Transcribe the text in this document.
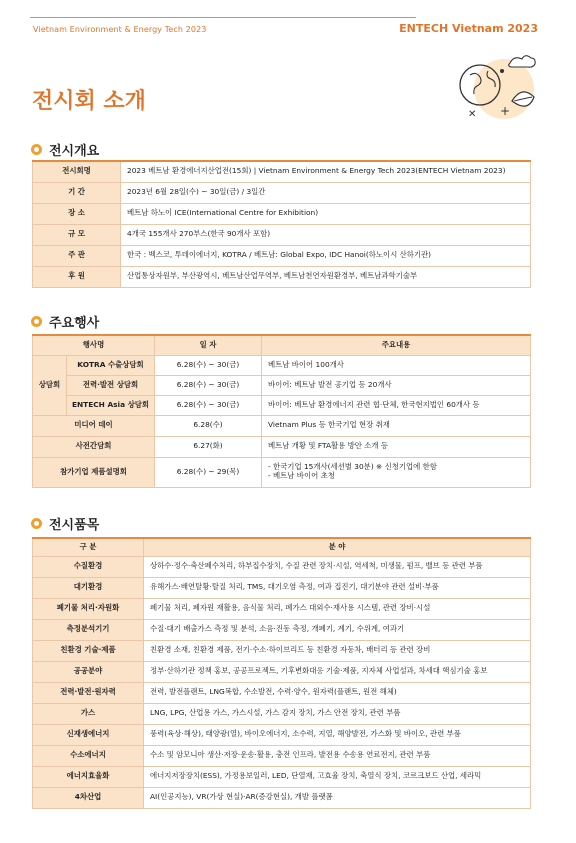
Vietnam Environment & Energy Tech 2023	ENTECH Vietnam 2023
+
✕
전시회 소개
전시개요
전시회명	2023 베트남 환경에너지산업전(15회) | Vietnam Environment & Energy Tech 2023(ENTECH Vietnam 2023)
기 간	2023년 6월 28일(수) ~ 30일(금) / 3일간
장 소	베트남 하노이 ICE(International Centre for Exhibition)
규 모	4개국 155개사 270부스(한국 90개사 포함)
주 관	한국 : 벡스코, 투데이에너지, KOTRA / 베트남: Global Expo, IDC Hanoi(하노이시 산하기관)
후 원	산업통상자원부, 부산광역시, 베트남산업무역부, 베트남천연자원환경부, 베트남과학기술부
주요행사
행사명		일 자	주요내용
상담회	KOTRA 수출상담회	6.28(수) ~ 30(금)	베트남 바이어 100개사
	전력·발전 상담회	6.28(수) ~ 30(금)	바이어: 베트남 발전 공기업 등 20개사
	ENTECH Asia 상담회	6.28(수) ~ 30(금)	바이어: 베트남 환경에너지 관련 협·단체, 한국현지법인 60개사 등
미디어 데이		6.28(수)	Vietnam Plus 등 한국기업 현장 취재
사전간담회		6.27(화)	베트남 개황 및 FTA활용 방안 소개 등
참가기업 제품설명회		6.28(수) ~ 29(목)	- 한국기업 15개사(세션별 30분) ※ 신청기업에 한함
- 베트남 바이어 초청
전시품목
구 분	분 야
수질환경	상하수·정수·축산폐수처리, 하부집수장치, 수질 관련 장치·시설, 역세척, 미생물, 펌프, 밸브 등 관련 부품
대기환경	유해가스·배연탈황·탈질 처리, TMS, 대기오염 측정, 여과 집진기, 대기분야 관련 설비·부품
폐기물 처리·자원화	폐기물 처리, 폐자원 재활용, 음식물 처리, 폐가스 대외수·재사용 시스템, 관련 장비·시설
측정분석기기	수질·대기 배출가스 측정 및 분석, 소음·진동 측정, 개폐기, 계기, 수위계, 여과기
친환경 기술·제품	친환경 소재, 친환경 제품, 전기·수소·하이브리드 등 친환경 자동차, 배터리 등 관련 장비
공공분야	정부·산하기관 정책 홍보, 공공프로젝트, 기후변화대응 기술·제품, 지자체 사업설과, 차세대 핵심기술 홍보
전력·발전·원자력	전력, 발전플랜트, LNG복합, 수소발전, 수력·양수, 원자력(플랜트, 원전 해체)
가스	LNG, LPG, 산업용 가스, 가스시설, 가스 감지 장치, 가스 안전 장치, 관련 부품
신재생에너지	풍력(육상·해상), 태양광(열), 바이오에너지, 소수력, 지열, 해양발전, 가스화 및 바이오, 관련 부품
수소에너지	수소 및 암모니아 생산·저장·운송·활용, 충전 인프라, 발전용 수송용 연료전지, 관련 부품
에너지효율화	에너지저장장치(ESS), 가정용보일러, LED, 단열재, 고효율 장치, 축열식 장치, 코르크보드 산업, 세라믹
4차산업	AI(인공지능), VR(가상 현실)·AR(증강현실), 개발 플랫폼
